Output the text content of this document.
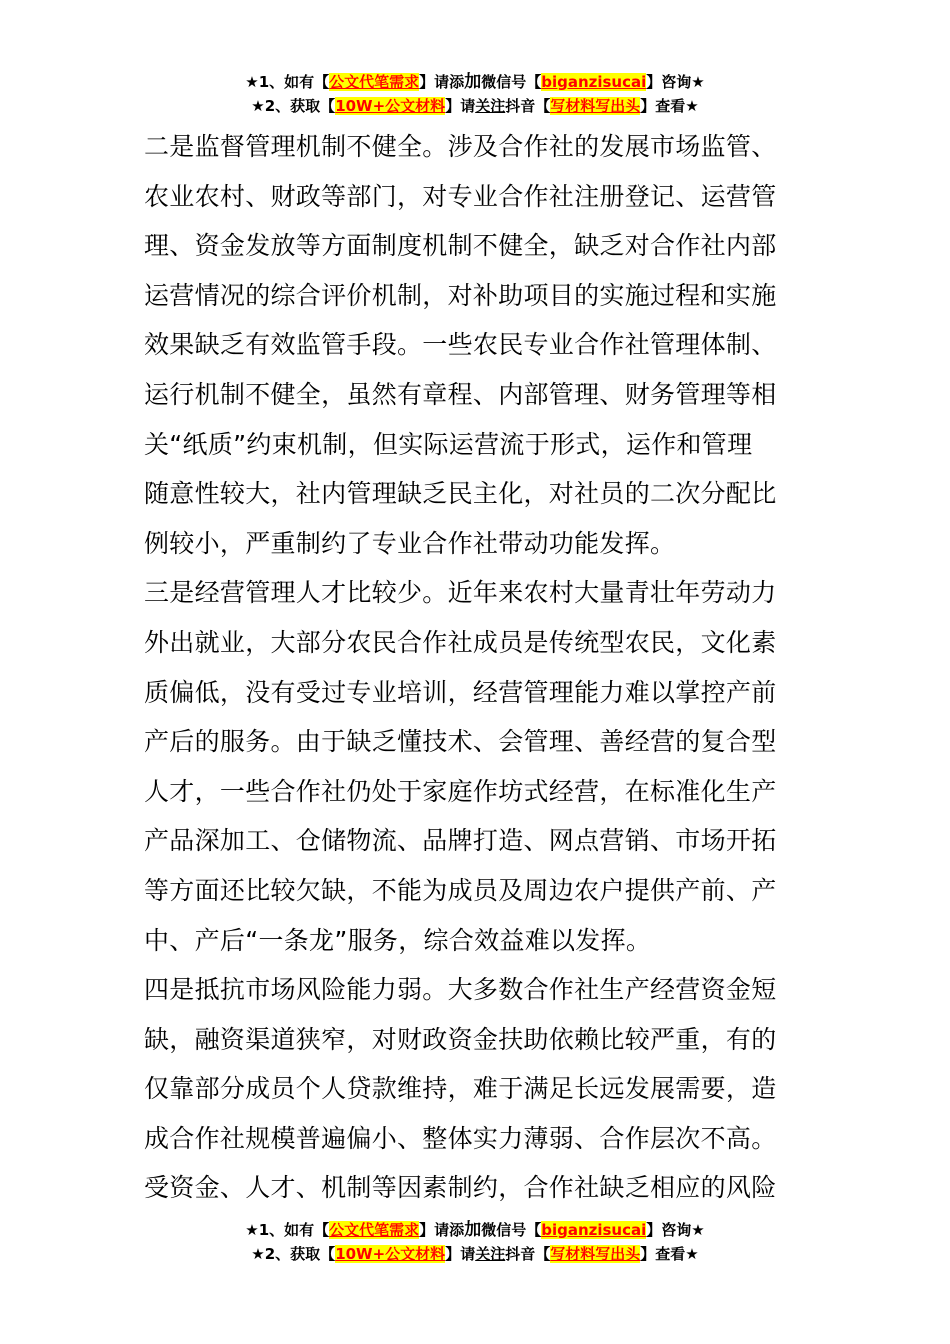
★1、如有【公文代笔需求】请添加微信号【biganzisucai】咨询★
★2、获取【10W+公文材料】请关注抖音【写材料写出头】查看★
二是监督管理机制不健全。涉及合作社的发展市场监管、
农业农村、财政等部门，对专业合作社注册登记、运营管
理、资金发放等方面制度机制不健全，缺乏对合作社内部
运营情况的综合评价机制，对补助项目的实施过程和实施
效果缺乏有效监管手段。一些农民专业合作社管理体制、
运行机制不健全，虽然有章程、内部管理、财务管理等相
关“纸质”约束机制，但实际运营流于形式，运作和管理
随意性较大，社内管理缺乏民主化，对社员的二次分配比
例较小，严重制约了专业合作社带动功能发挥。
三是经营管理人才比较少。近年来农村大量青壮年劳动力
外出就业，大部分农民合作社成员是传统型农民，文化素
质偏低，没有受过专业培训，经营管理能力难以掌控产前
产后的服务。由于缺乏懂技术、会管理、善经营的复合型
人才，一些合作社仍处于家庭作坊式经营，在标准化生产
产品深加工、仓储物流、品牌打造、网点营销、市场开拓
等方面还比较欠缺，不能为成员及周边农户提供产前、产
中、产后“一条龙”服务，综合效益难以发挥。
四是抵抗市场风险能力弱。大多数合作社生产经营资金短
缺，融资渠道狭窄，对财政资金扶助依赖比较严重，有的
仅靠部分成员个人贷款维持，难于满足长远发展需要，造
成合作社规模普遍偏小、整体实力薄弱、合作层次不高。
受资金、人才、机制等因素制约，合作社缺乏相应的风险
★1、如有【公文代笔需求】请添加微信号【biganzisucai】咨询★
★2、获取【10W+公文材料】请关注抖音【写材料写出头】查看★
